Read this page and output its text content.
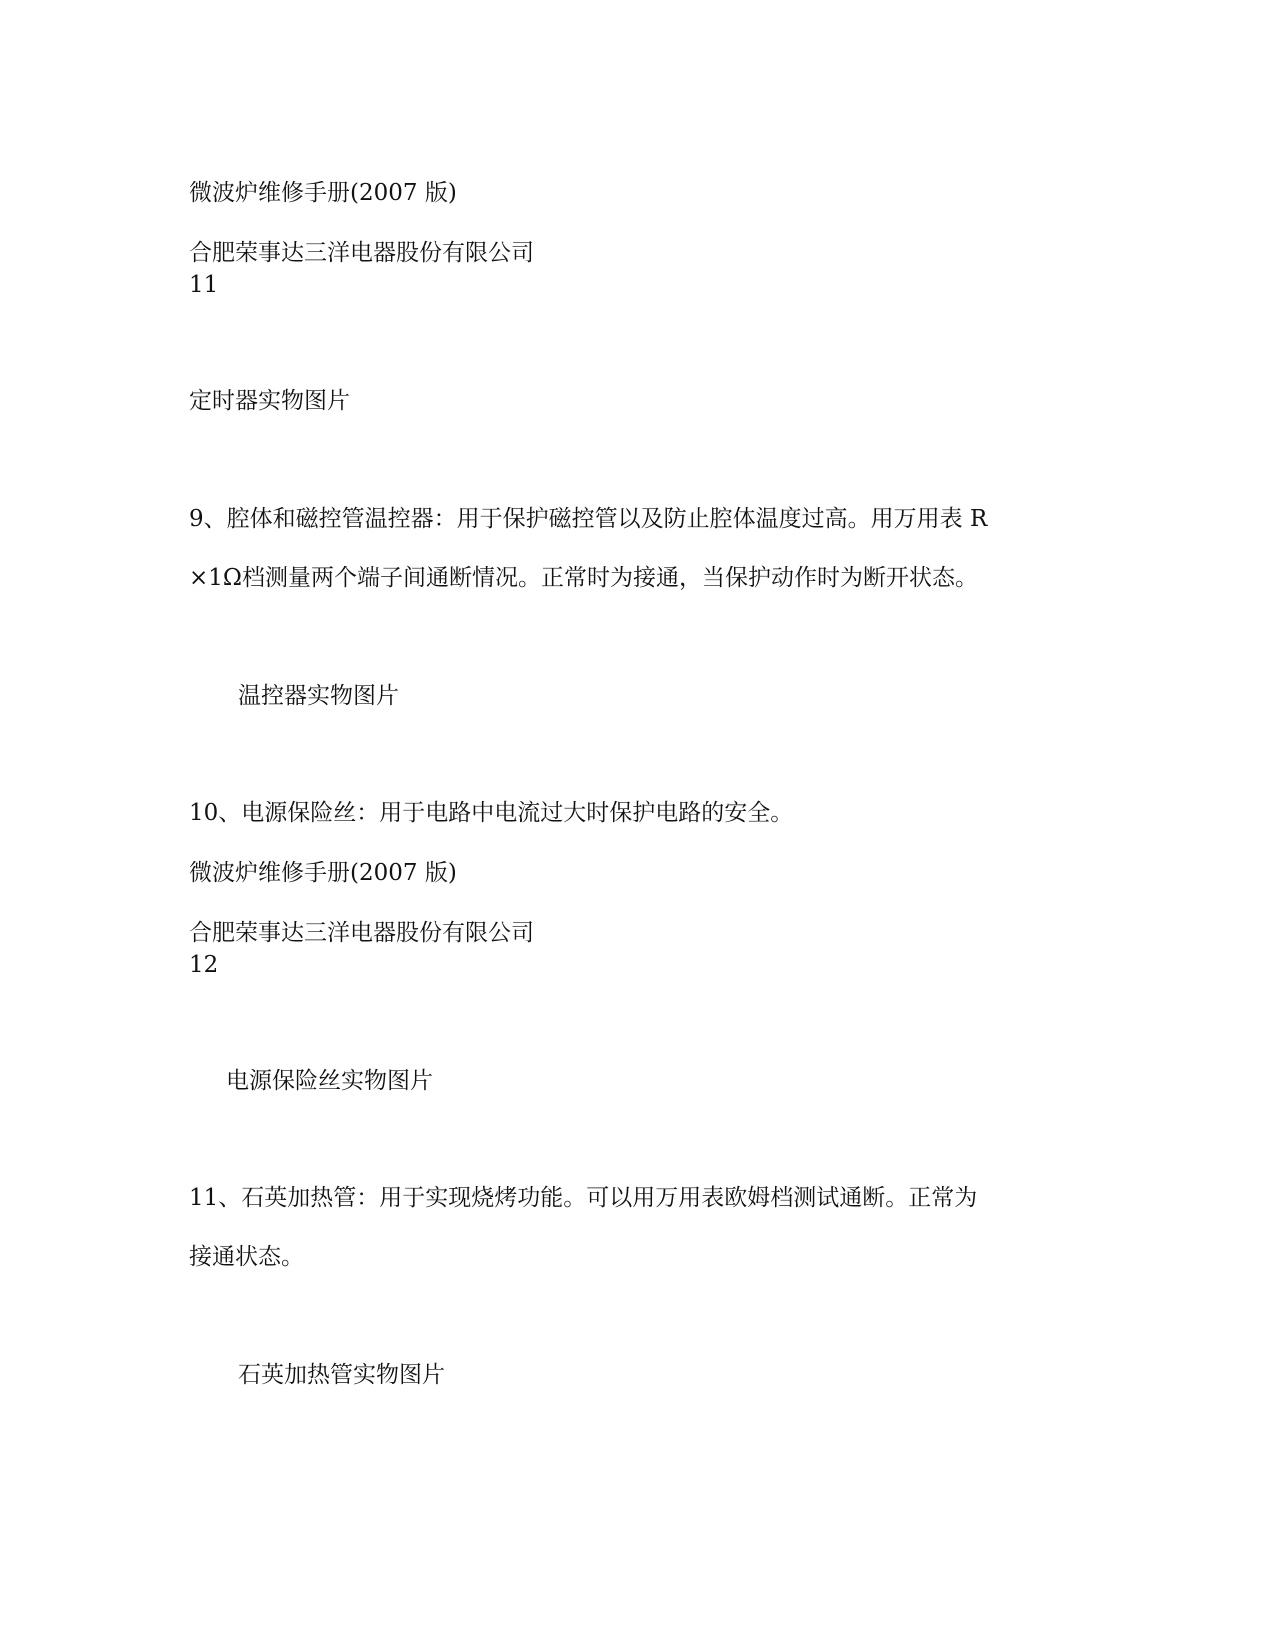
微波炉维修手册(2007 版)
合肥荣事达三洋电器股份有限公司
11
定时器实物图片
9、腔体和磁控管温控器：用于保护磁控管以及防止腔体温度过高。用万用表 R
×1Ω档测量两个端子间通断情况。正常时为接通，当保护动作时为断开状态。
温控器实物图片
10、电源保险丝：用于电路中电流过大时保护电路的安全。
微波炉维修手册(2007 版)
合肥荣事达三洋电器股份有限公司
12
电源保险丝实物图片
11、石英加热管：用于实现烧烤功能。可以用万用表欧姆档测试通断。正常为
接通状态。
石英加热管实物图片
